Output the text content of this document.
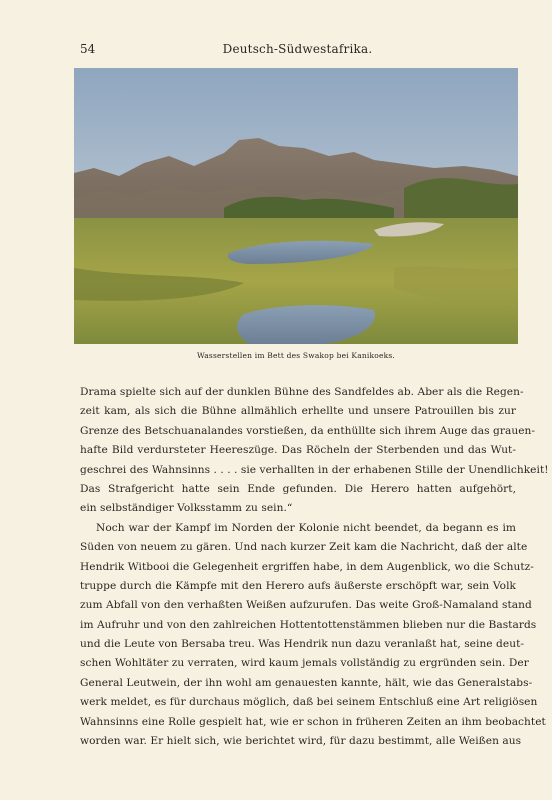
54	Deutsch-Südwestafrika.
Wasserstellen im Bett des Swakop bei Kanikoeks.
Drama spielte sich auf der dunklen Bühne des Sandfeldes ab. Aber als die Regen-
zeit kam, als sich die Bühne allmählich erhellte und unsere Patrouillen bis zur
Grenze des Betschuanalandes vorstießen, da enthüllte sich ihrem Auge das grauen-
hafte Bild verdursteter Heereszüge. Das Röcheln der Sterbenden und das Wut-
geschrei des Wahnsinns . . . . sie verhallten in der erhabenen Stille der Unendlichkeit!
Das Strafgericht hatte sein Ende gefunden. Die Herero hatten aufgehört,
ein selbständiger Volksstamm zu sein.“
Noch war der Kampf im Norden der Kolonie nicht beendet, da begann es im
Süden von neuem zu gären. Und nach kurzer Zeit kam die Nachricht, daß der alte
Hendrik Witbooi die Gelegenheit ergriffen habe, in dem Augenblick, wo die Schutz-
truppe durch die Kämpfe mit den Herero aufs äußerste erschöpft war, sein Volk
zum Abfall von den verhaßten Weißen aufzurufen. Das weite Groß-Namaland stand
im Aufruhr und von den zahlreichen Hottentottenstämmen blieben nur die Bastards
und die Leute von Bersaba treu. Was Hendrik nun dazu veranlaßt hat, seine deut-
schen Wohltäter zu verraten, wird kaum jemals vollständig zu ergründen sein. Der
General Leutwein, der ihn wohl am genauesten kannte, hält, wie das Generalstabs-
werk meldet, es für durchaus möglich, daß bei seinem Entschluß eine Art religiösen
Wahnsinns eine Rolle gespielt hat, wie er schon in früheren Zeiten an ihm beobachtet
worden war. Er hielt sich, wie berichtet wird, für dazu bestimmt, alle Weißen aus
